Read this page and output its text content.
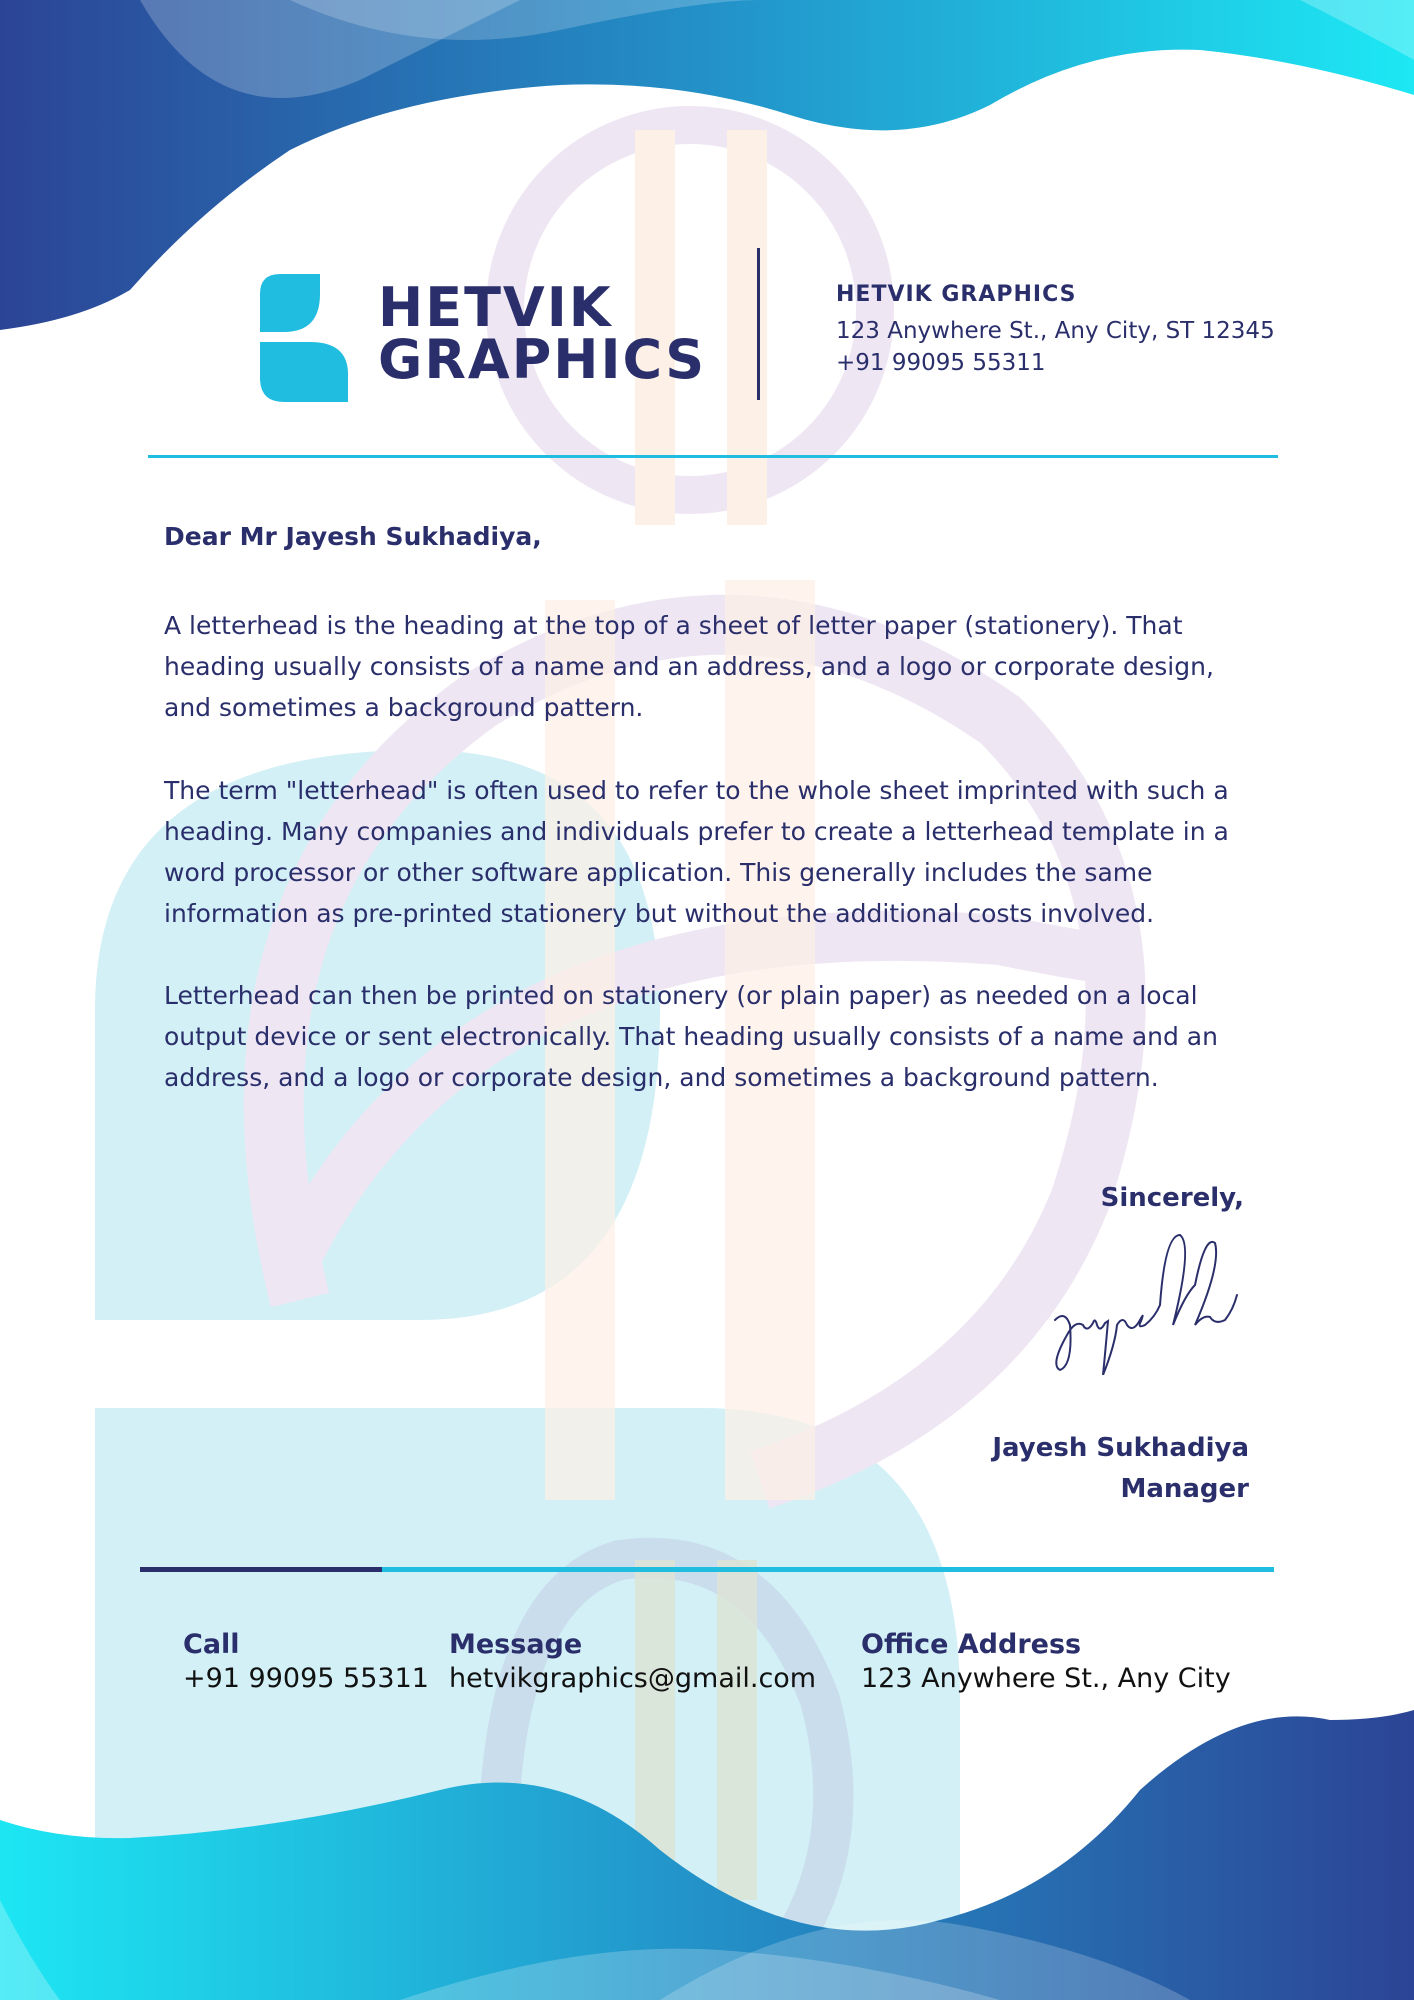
HETVIK
GRAPHICS
HETVIK GRAPHICS
123 Anywhere St., Any City, ST 12345
+91 99095 55311
Dear Mr Jayesh Sukhadiya,
A letterhead is the heading at the top of a sheet of letter paper (stationery). That heading usually consists of a name and an address, and a logo or corporate design, and sometimes a background pattern.
The term "letterhead" is often used to refer to the whole sheet imprinted with such a heading. Many companies and individuals prefer to create a letterhead template in a word processor or other software application. This generally includes the same information as pre-printed stationery but without the additional costs involved.
Letterhead can then be printed on stationery (or plain paper) as needed on a local output device or sent electronically. That heading usually consists of a name and an address, and a logo or corporate design, and sometimes a background pattern.
Sincerely,
Jayesh Sukhadiya
Manager
Call
+91 99095 55311
Message
hetvikgraphics@gmail.com
Office Address
123 Anywhere St., Any City
